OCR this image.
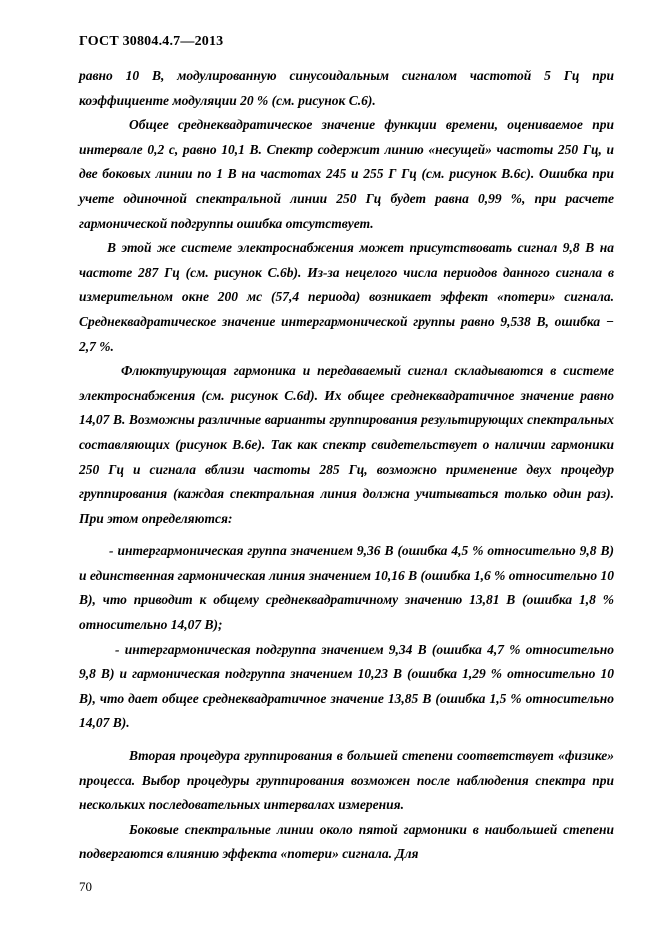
ГОСТ 30804.4.7—2013

равно 10 В, модулированную синусоидальным сигналом частотой 5 Гц при коэффициенте модуляции 20 % (см. рисунок С.6).

Общее среднеквадратическое значение функции времени, оцениваемое при интервале 0,2 с, равно 10,1 В. Спектр содержит линию «несущей» частоты 250 Гц, и две боковых линии по 1 В на частотах 245 и 255 Г Гц (см. рисунок В.6с). Ошибка при учете одиночной спектральной линии 250 Гц будет равна 0,99 %, при расчете гармонической подгруппы ошибка отсутствует.

В этой же системе электроснабжения может присутствовать сигнал 9,8 В на частоте 287 Гц (см. рисунок С.6b). Из-за нецелого числа периодов данного сигнала в измерительном окне 200 мс (57,4 периода) возникает эффект «потери» сигнала. Среднеквадратическое значение интергармонической группы равно 9,538 В, ошибка − 2,7 %.

Флюктуирующая гармоника и передаваемый сигнал складываются в системе электроснабжения (см. рисунок С.6d). Их общее среднеквадратичное значение равно 14,07 В. Возможны различные варианты группирования результирующих спектральных составляющих (рисунок В.6е). Так как спектр свидетельствует о наличии гармоники 250 Гц и сигнала вблизи частоты 285 Гц, возможно применение двух процедур группирования (каждая спектральная линия должна учитываться только один раз). При этом определяются:

- интергармоническая группа значением 9,36 В (ошибка 4,5 % относительно 9,8 В) и единственная гармоническая линия значением 10,16 В (ошибка 1,6 % относительно 10 В), что приводит к общему среднеквадратичному значению 13,81 В (ошибка 1,8 % относительно 14,07 В);

- интергармоническая подгруппа значением 9,34 В (ошибка 4,7 % относительно 9,8 В) и гармоническая подгруппа значением 10,23 В (ошибка 1,29 % относительно 10 В), что дает общее среднеквадратичное значение 13,85 В (ошибка 1,5 % относительно 14,07 В).

Вторая процедура группирования в большей степени соответствует «физике» процесса. Выбор процедуры группирования возможен после наблюдения спектра при нескольких последовательных интервалах измерения.

Боковые спектральные линии около пятой гармоники в наибольшей степени подвергаются влиянию эффекта «потери» сигнала. Для

70
